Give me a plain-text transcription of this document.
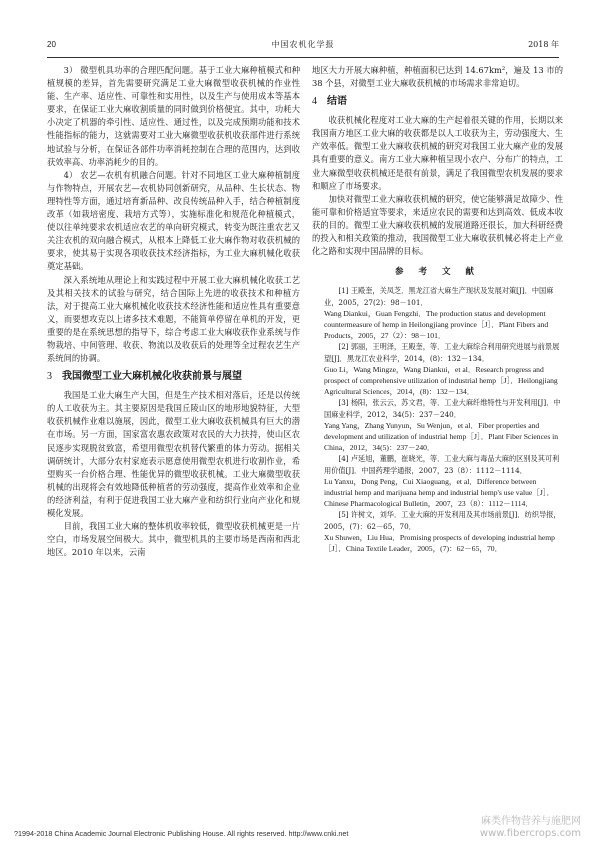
20	中国农机化学报	2018 年

3） 微型机具功率的合理匹配问题。基于工业大麻种植模式和种植规模的差异，首先需要研究满足工业大麻微型收获机械的作业性能、生产率、适应性、可靠性和实用性，以及生产与使用成本等基本要求，在保证工业大麻收割质量的同时做到价格便宜。其中，功耗大小决定了机器的牵引性、适应性、通过性，以及完成预期功能和技术性能指标的能力，这就需要对工业大麻微型收获机收获部件进行系统地试验与分析，在保证各部件功率消耗控制在合理的范围内，达到收获效率高、功率消耗少的目的。

4） 农艺—农机有机融合问题。针对不同地区工业大麻种植制度与作物特点，开展农艺—农机协同创新研究，从品种、生长状态、物理特性等方面，通过培育新品种、改良传统品种入手，结合种植制度改革（如栽培密度、栽培方式等），实施标准化和规范化种植模式，使以往单纯要求农机适应农艺的单向研究模式，转变为既注重农艺又关注农机的双向融合模式，从根本上降低工业大麻作物对收获机械的要求，使其易于实现各项收获技术经济指标，为工业大麻机械化收获奠定基础。

深入系统地从理论上和实践过程中开展工业大麻机械化收获工艺及其相关技术的试验与研究，结合国际上先进的收获技术和种植方法，对于提高工业大麻机械化收获技术经济性能和适应性具有重要意义，而要想攻克以上诸多技术难题，不能简单停留在单机的开发，更重要的是在系统思想的指导下，综合考虑工业大麻收获作业系统与作物栽培、中间管理、收获、物流以及收获后的处理等全过程农艺生产系统间的协调。

3 我国微型工业大麻机械化收获前景与展望

我国是工业大麻生产大国，但是生产技术相对落后，还是以传统的人工收获为主。其主要原因是我国丘陵山区的地形地貌特征，大型收获机械作业难以施展，因此，微型工业大麻收获机械具有巨大的潜在市场。另一方面，国家富农惠农政策对农民的大力扶持，使山区农民逐步实现脱贫致富，希望用微型农机替代繁重的体力劳动。据相关调研统计，大部分农村家庭表示愿意使用微型农机进行收割作业，希望购买一台价格合理、性能优异的微型收获机械。工业大麻微型收获机械的出现将会有效地降低种植者的劳动强度，提高作业效率和企业的经济利益，有利于促进我国工业大麻产业和纺织行业向产业化和规模化发展。

目前，我国工业大麻的整体机收率较低，微型收获机械更是一片空白，市场发展空间极大。其中，微型机具的主要市场是西南和西北地区。2010 年以来，云南

地区大力开展大麻种植，种植面积已达到 14.67km²，遍及 13 市的 38 个县，对微型工业大麻收获机械的市场需求非常迫切。

4 结语

收获机械化程度对工业大麻的生产起着很关键的作用，长期以来我国南方地区工业大麻的收获都是以人工收获为主，劳动强度大、生产效率低。微型工业大麻收获机械的研究对我国工业大麻产业的发展具有重要的意义。南方工业大麻种植呈现小农户、分布广的特点，工业大麻微型收获机械还是很有前景，满足了我国微型农机发展的要求和顺应了市场要求。

加快对微型工业大麻收获机械的研究，使它能够满足故障少、性能可靠和价格适宜等要求，来适应农民的需要和达到高效、低成本收获的目的。微型工业大麻收获机械的发展道路还很长，加大科研经费的投入和相关政策的推动，我国微型工业大麻收获机械必将走上产业化之路和实现中国品牌的目标。

参 考 文 献

[1] 王殿奎，关凤芝．黑龙江省大麻生产现状及发展对策[J]．中国麻业，2005，27(2)：98－101．
Wang Diankui，Guan Fengzhi．The production status and development countermeasure of hemp in Heilongjiang province［J］．Plant Fibers and Products，2005，27（2）：98－101．

[2] 郭丽，王明泽，王殿奎，等．工业大麻综合利用研究进展与前景展望[J]．黑龙江农业科学，2014，(8)：132－134．
Guo Li，Wang Mingze，Wang Diankui，et al．Research progress and prospect of comprehensive utilization of industrial hemp［J］．Heilongjiang Agricultural Sciences，2014，(8)：132－134．

[3] 杨阳，张云云，苏文君，等．工业大麻纤维特性与开发利用[J]．中国麻业科学，2012，34(5)：237－240．
Yang Yang，Zhang Yunyun，Su Wenjun，et al．Fiber properties and development and utilization of industrial hemp［J］．Plant Fiber Sciences in China，2012，34(5)：237－240．

[4] 卢延旭，董鹏，崔晓光，等．工业大麻与毒品大麻的区别及其可利用价值[J]．中国药理学通报，2007，23（8）：1112－1114．
Lu Yanxu，Dong Peng，Cui Xiaoguang，et al．Difference between industrial hemp and marijuana hemp and industrial hemp's use value［J］．Chinese Pharmacological Bulletin，2007，23（8）：1112－1114．

[5] 许树文，刘华．工业大麻的开发利用及其市场前景[J]．纺织导报，2005，(7)：62－65，70．
Xu Shuwen，Liu Hua．Promising prospects of developing industrial hemp［J］．China Textile Leader，2005，(7)：62－65，70．

?1994-2018 China Academic Journal Electronic Publishing House. All rights reserved. http://www.cnki.net
麻类作物营养与施肥网
www.fibercrops.com
